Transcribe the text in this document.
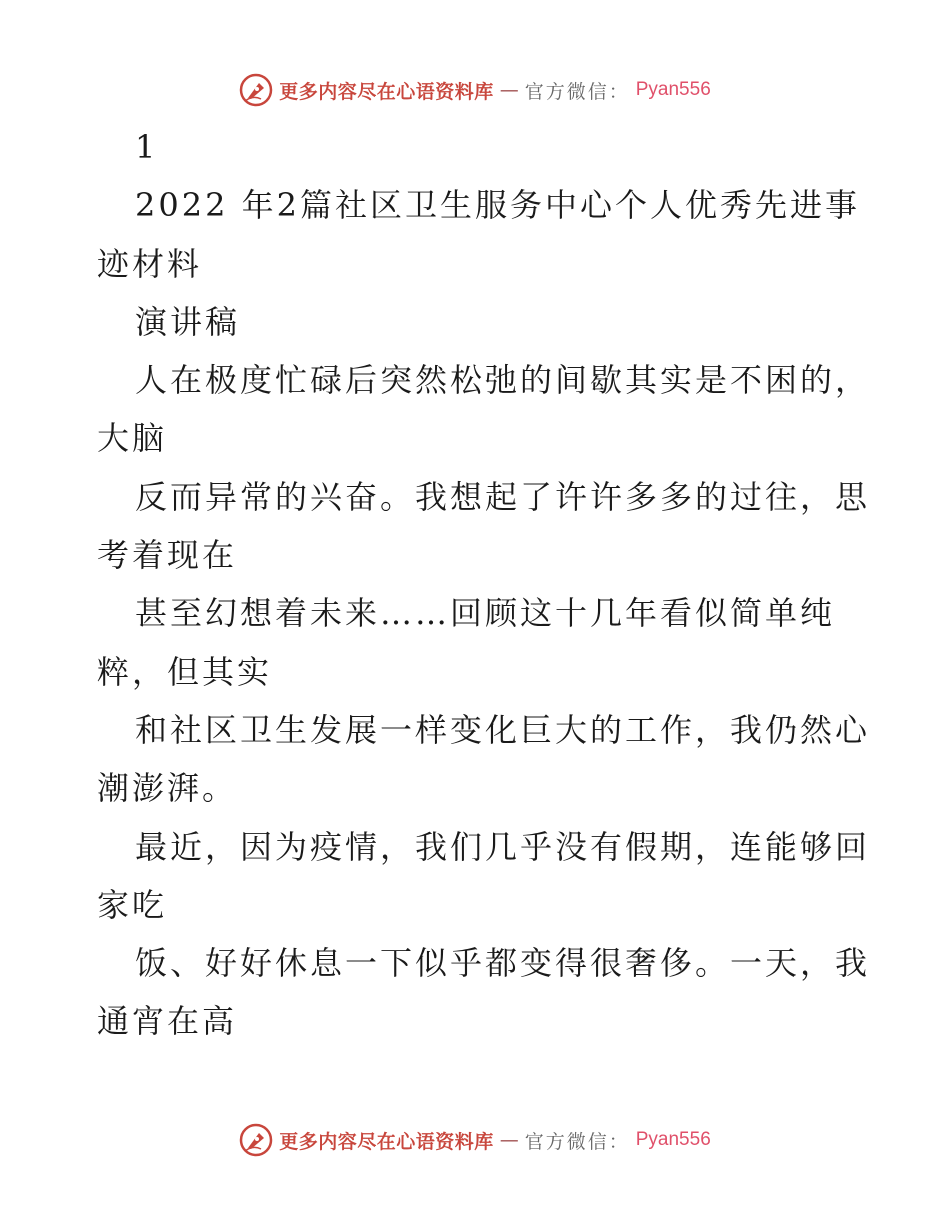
更多内容尽在心语资料库 — 官方微信： Pyan556
1
2022 年2篇社区卫生服务中心个人优秀先进事
迹材料
演讲稿
人在极度忙碌后突然松弛的间歇其实是不困的，
大脑
反而异常的兴奋。我想起了许许多多的过往，思
考着现在
甚至幻想着未来……回顾这十几年看似简单纯
粹，但其实
和社区卫生发展一样变化巨大的工作，我仍然心
潮澎湃。
最近，因为疫情，我们几乎没有假期，连能够回
家吃
饭、好好休息一下似乎都变得很奢侈。一天，我
通宵在高
更多内容尽在心语资料库 — 官方微信： Pyan556
